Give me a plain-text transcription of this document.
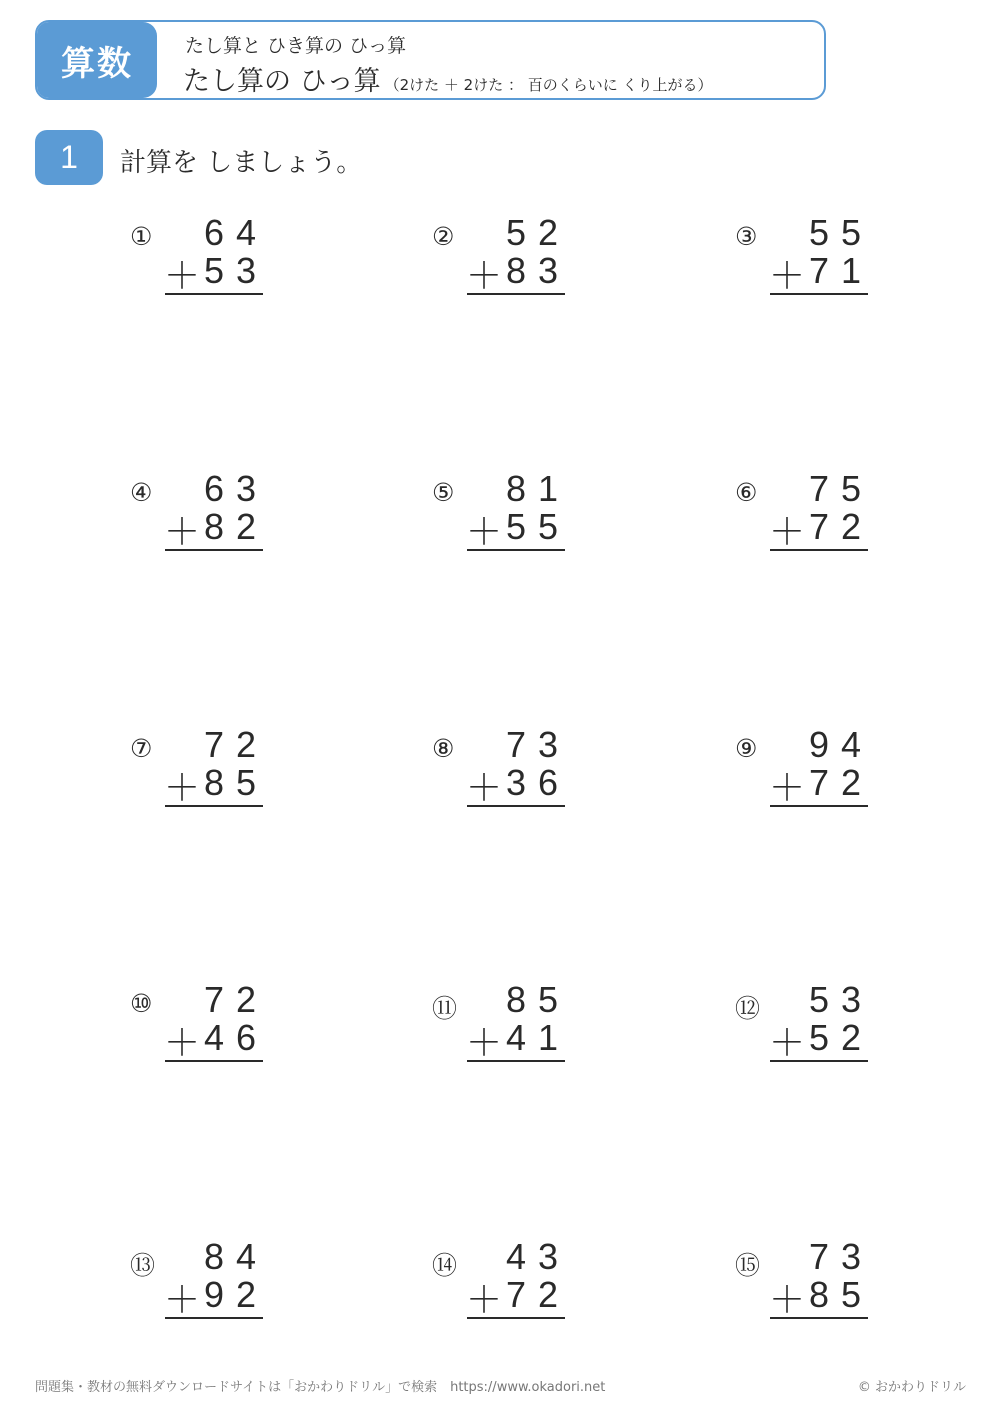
算数	たし算と ひき算の ひっ算
たし算の ひっ算 （2けた ＋ 2けた ： 百のくらいに くり上がる）
1	計算を しましょう。
① 64
＋ 53
② 52
＋ 83
③ 55
＋ 71
④ 63
＋ 82
⑤ 81
＋ 55
⑥ 75
＋ 72
⑦ 72
＋ 85
⑧ 73
＋ 36
⑨ 94
＋ 72
⑩ 72
＋ 46
⑪ 85
＋ 41
⑫ 53
＋ 52
⑬ 84
＋ 92
⑭ 43
＋ 72
⑮ 73
＋ 85
問題集・教材の無料ダウンロードサイトは「おかわりドリル」で検索　https://www.okadori.net	© おかわりドリル
